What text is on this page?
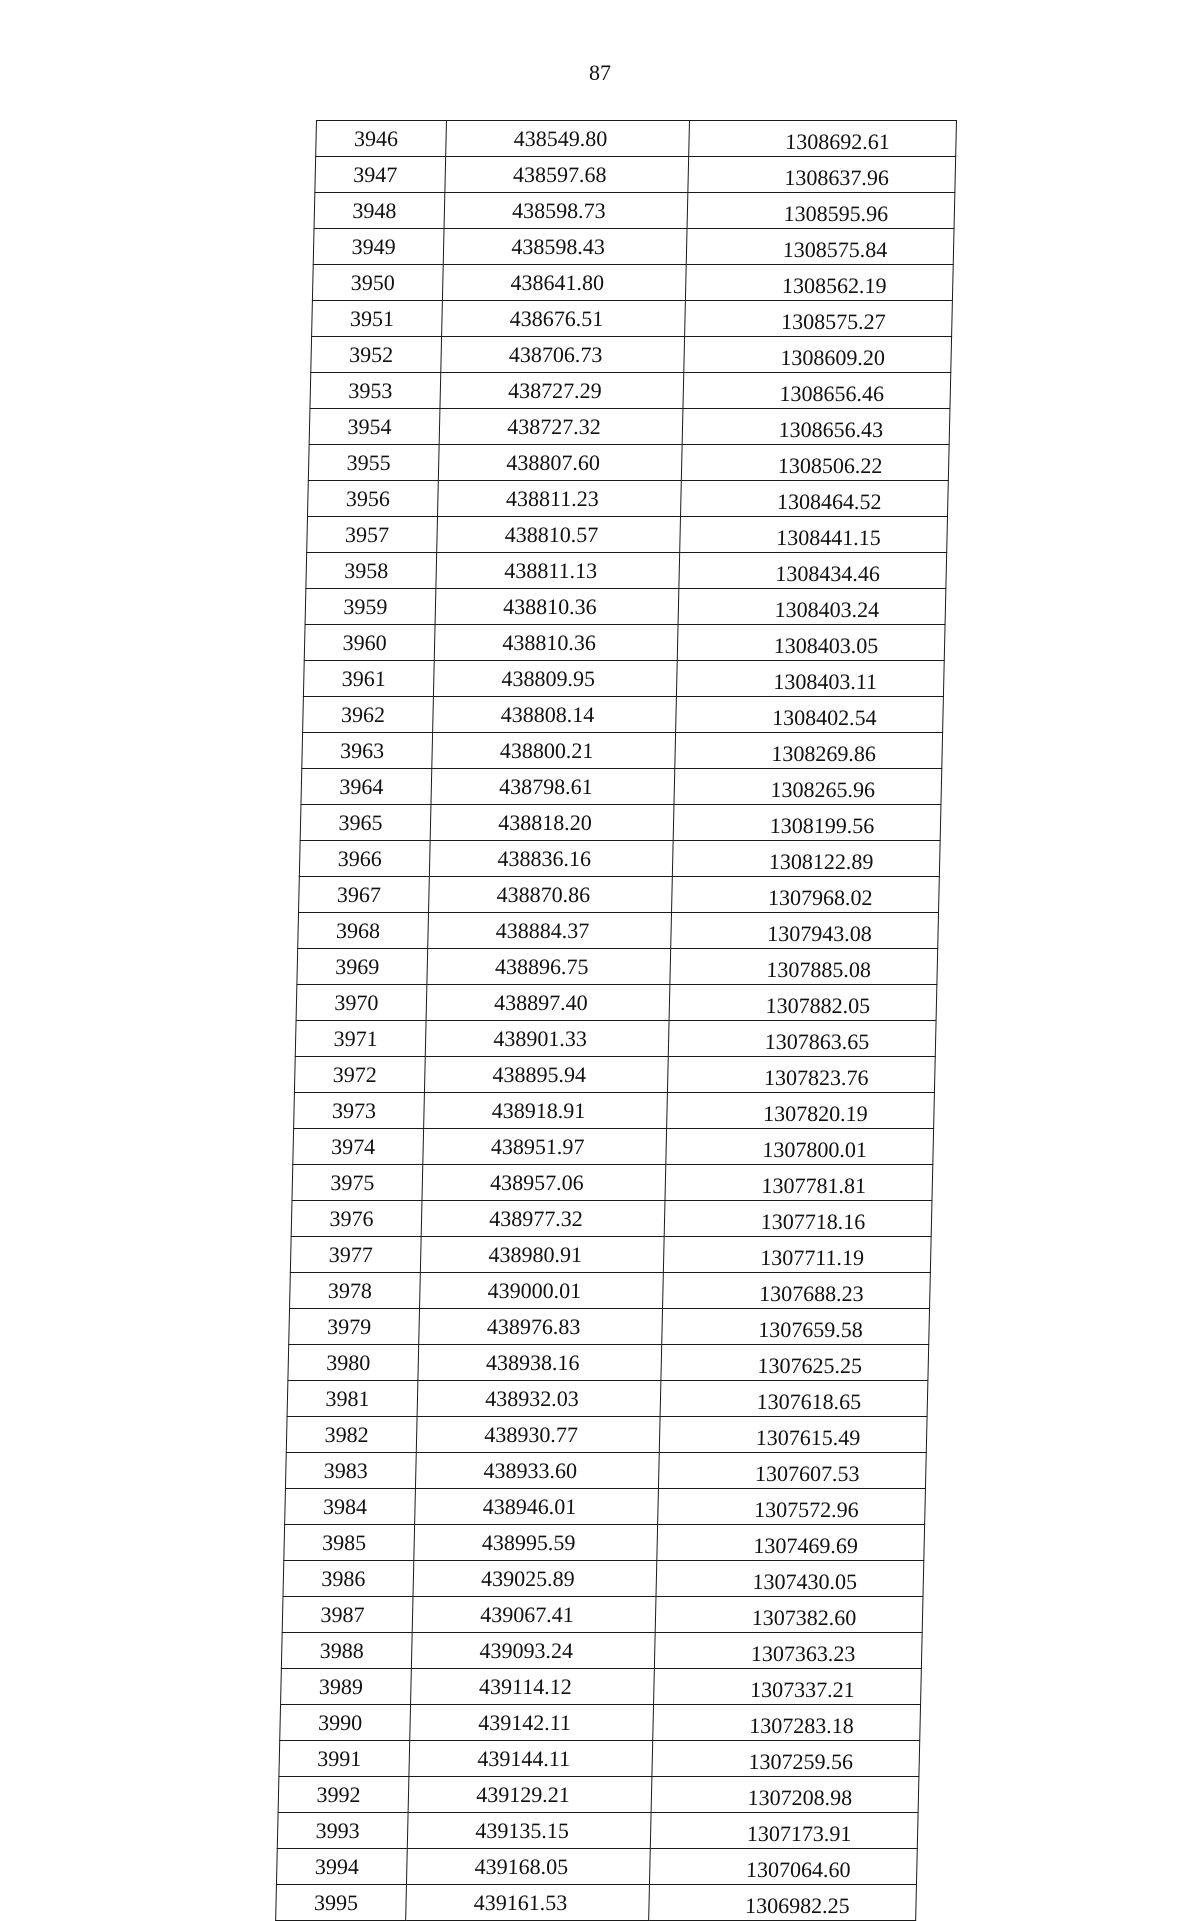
87
3946	438549.80	1308692.61
3947	438597.68	1308637.96
3948	438598.73	1308595.96
3949	438598.43	1308575.84
3950	438641.80	1308562.19
3951	438676.51	1308575.27
3952	438706.73	1308609.20
3953	438727.29	1308656.46
3954	438727.32	1308656.43
3955	438807.60	1308506.22
3956	438811.23	1308464.52
3957	438810.57	1308441.15
3958	438811.13	1308434.46
3959	438810.36	1308403.24
3960	438810.36	1308403.05
3961	438809.95	1308403.11
3962	438808.14	1308402.54
3963	438800.21	1308269.86
3964	438798.61	1308265.96
3965	438818.20	1308199.56
3966	438836.16	1308122.89
3967	438870.86	1307968.02
3968	438884.37	1307943.08
3969	438896.75	1307885.08
3970	438897.40	1307882.05
3971	438901.33	1307863.65
3972	438895.94	1307823.76
3973	438918.91	1307820.19
3974	438951.97	1307800.01
3975	438957.06	1307781.81
3976	438977.32	1307718.16
3977	438980.91	1307711.19
3978	439000.01	1307688.23
3979	438976.83	1307659.58
3980	438938.16	1307625.25
3981	438932.03	1307618.65
3982	438930.77	1307615.49
3983	438933.60	1307607.53
3984	438946.01	1307572.96
3985	438995.59	1307469.69
3986	439025.89	1307430.05
3987	439067.41	1307382.60
3988	439093.24	1307363.23
3989	439114.12	1307337.21
3990	439142.11	1307283.18
3991	439144.11	1307259.56
3992	439129.21	1307208.98
3993	439135.15	1307173.91
3994	439168.05	1307064.60
3995	439161.53	1306982.25
